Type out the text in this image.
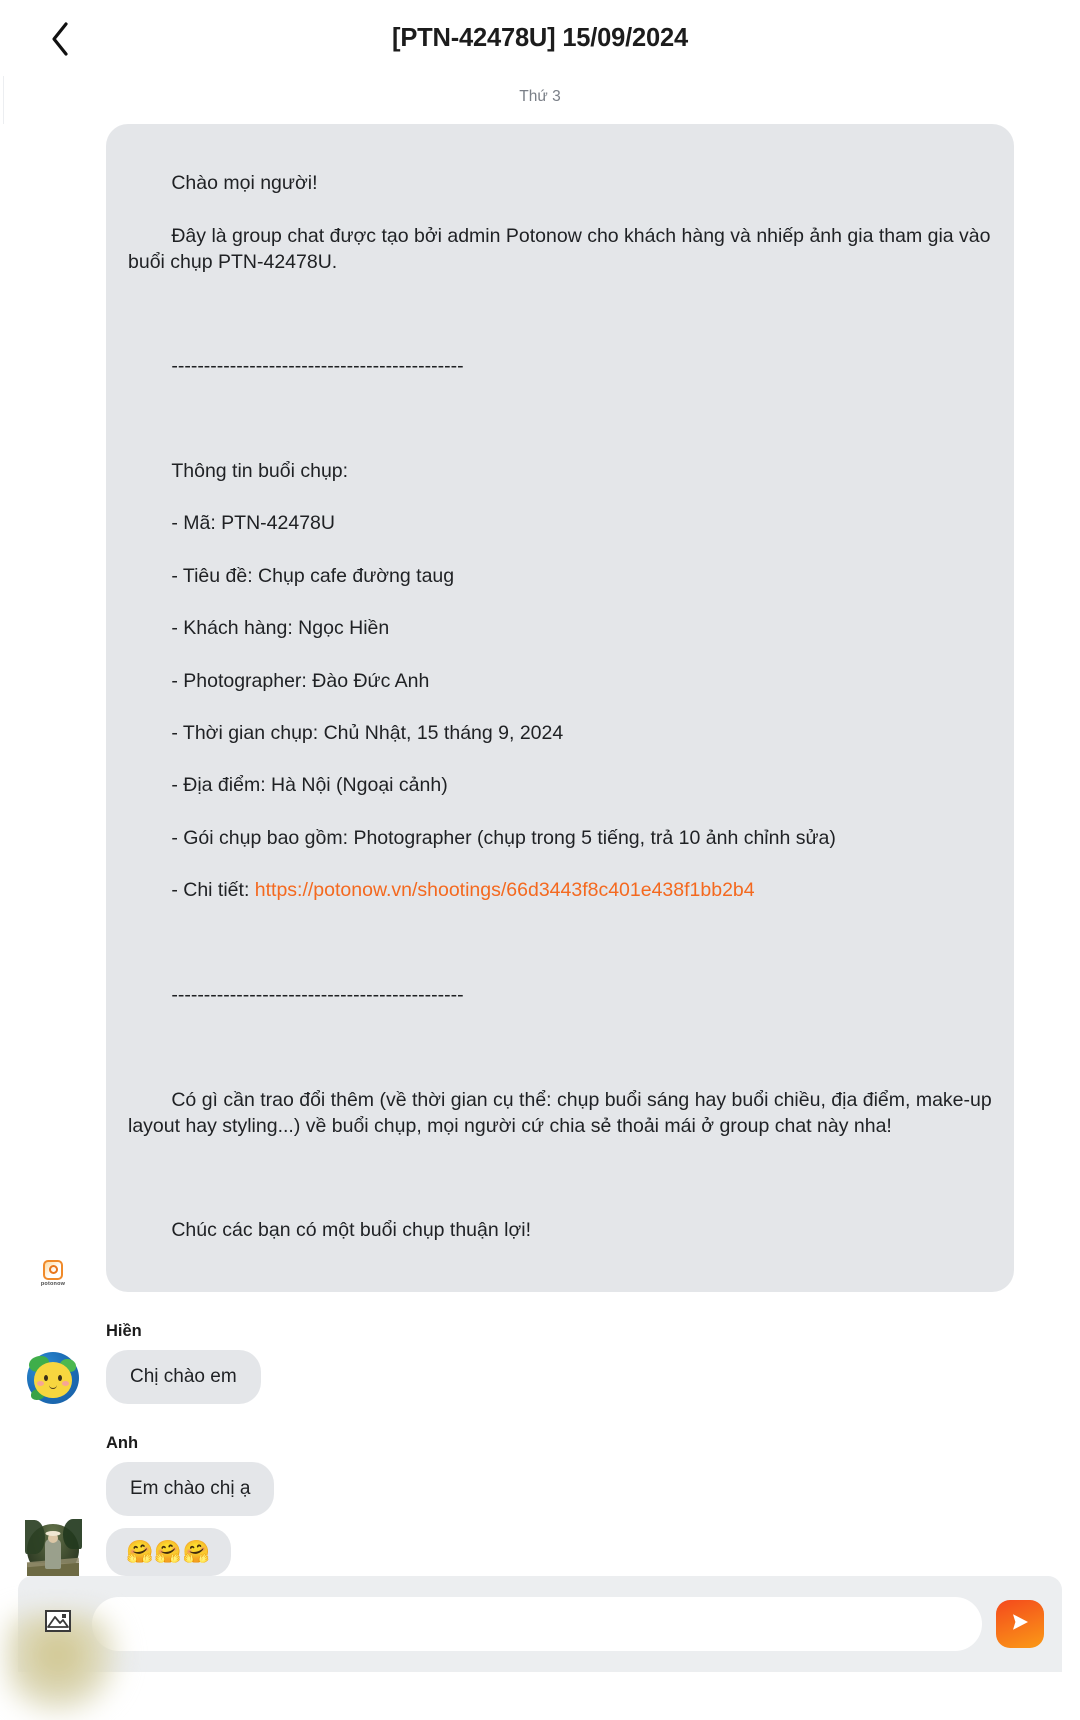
[PTN-42478U] 15/09/2024
Thứ 3
potonow

Chào mọi người!

Đây là group chat được tạo bởi admin Potonow cho khách hàng và nhiếp ảnh gia tham gia vào buổi chụp PTN-42478U.

---------------------------------------------

Thông tin buổi chụp:

- Mã: PTN-42478U

- Tiêu đề: Chụp cafe đường taug

- Khách hàng: Ngọc Hiền

- Photographer: Đào Đức Anh

- Thời gian chụp: Chủ Nhật, 15 tháng 9, 2024

- Địa điểm: Hà Nội (Ngoại cảnh)

- Gói chụp bao gồm: Photographer (chụp trong 5 tiếng, trả 10 ảnh chỉnh sửa)

- Chi tiết: https://potonow.vn/shootings/66d3443f8c401e438f1bb2b4

---------------------------------------------

Có gì cần trao đổi thêm (về thời gian cụ thể: chụp buổi sáng hay buổi chiều, địa điểm, make-up layout hay styling...) về buổi chụp, mọi người cứ chia sẻ thoải mái ở group chat này nha!

Chúc các bạn có một buổi chụp thuận lợi!

Hiền
Chị chào em
Anh
Em chào chị ạ
🤗🤗🤗
